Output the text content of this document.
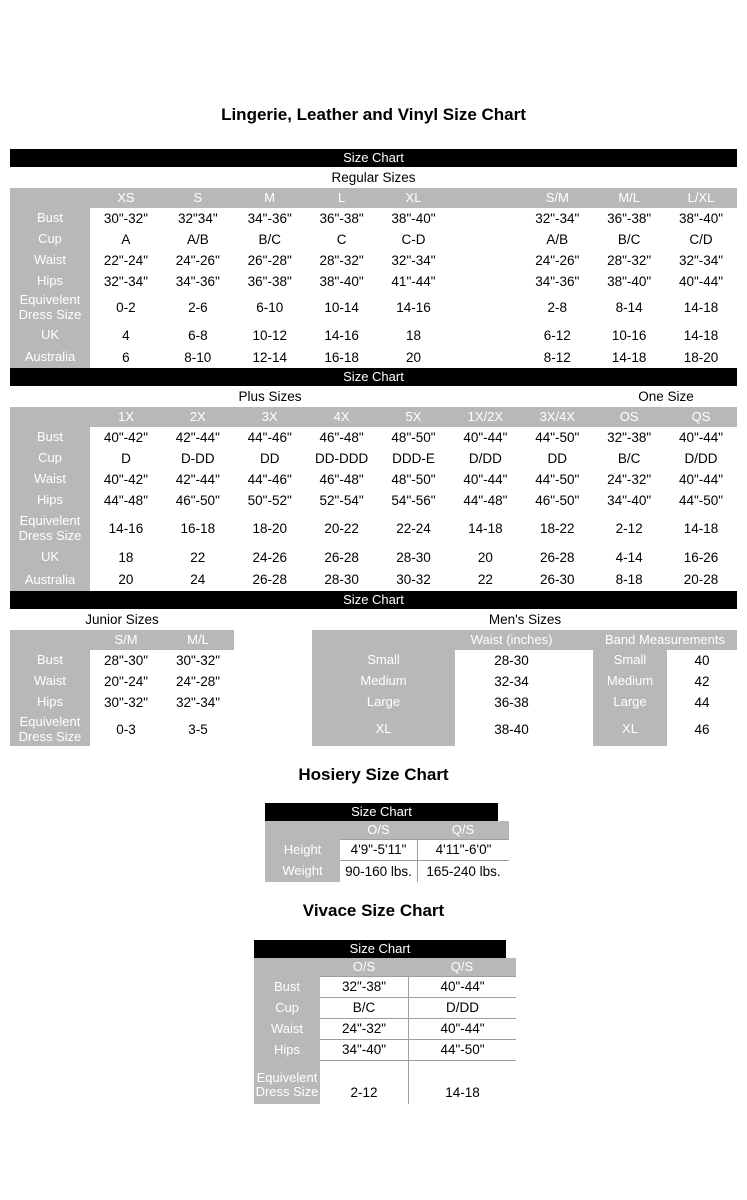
Lingerie, Leather and Vinyl Size Chart
Size Chart
Regular Sizes
XS	S	M	L	XL	S/M	M/L	L/XL
Bust	30"-32"	32"34"	34"-36"	36"-38"	38"-40"	32"-34"	36"-38"	38"-40"
Cup	A	A/B	B/C	C	C-D	A/B	B/C	C/D
Waist	22"-24"	24"-26"	26"-28"	28"-32"	32"-34"	24"-26"	28"-32"	32"-34"
Hips	32"-34"	34"-36"	36"-38"	38"-40"	41"-44"	34"-36"	38"-40"	40"-44"
Equivelent Dress Size	0-2	2-6	6-10	10-14	14-16	2-8	8-14	14-18
UK	4	6-8	10-12	14-16	18	6-12	10-16	14-18
Australia	6	8-10	12-14	16-18	20	8-12	14-18	18-20
Size Chart
Plus Sizes	One Size
1X	2X	3X	4X	5X	1X/2X	3X/4X	OS	QS
Bust	40"-42"	42"-44"	44"-46"	46"-48"	48"-50"	40"-44"	44"-50"	32"-38"	40"-44"
Cup	D	D-DD	DD	DD-DDD	DDD-E	D/DD	DD	B/C	D/DD
Waist	40"-42"	42"-44"	44"-46"	46"-48"	48"-50"	40"-44"	44"-50"	24"-32"	40"-44"
Hips	44"-48"	46"-50"	50"-52"	52"-54"	54"-56"	44"-48"	46"-50"	34"-40"	44"-50"
Equivelent Dress Size	14-16	16-18	18-20	20-22	22-24	14-18	18-22	2-12	14-18
UK	18	22	24-26	26-28	28-30	20	26-28	4-14	16-26
Australia	20	24	26-28	28-30	30-32	22	26-30	8-18	20-28
Size Chart
Junior Sizes	Men's Sizes
S/M	M/L
Bust	28"-30"	30"-32"
Waist	20"-24"	24"-28"
Hips	30"-32"	32"-34"
Equivelent Dress Size	0-3	3-5
Waist (inches)	Band Measurements
Small	28-30	Small	40
Medium	32-34	Medium	42
Large	36-38	Large	44
XL	38-40	XL	46
Hosiery Size Chart
Size Chart
O/S	Q/S
Height	4'9"-5'11"	4'11"-6'0"
Weight	90-160 lbs.	165-240 lbs.
Vivace Size Chart
Size Chart
O/S	Q/S
Bust	32"-38"	40"-44"
Cup	B/C	D/DD
Waist	24"-32"	40"-44"
Hips	34"-40"	44"-50"
Equivelent Dress Size	2-12	14-18
